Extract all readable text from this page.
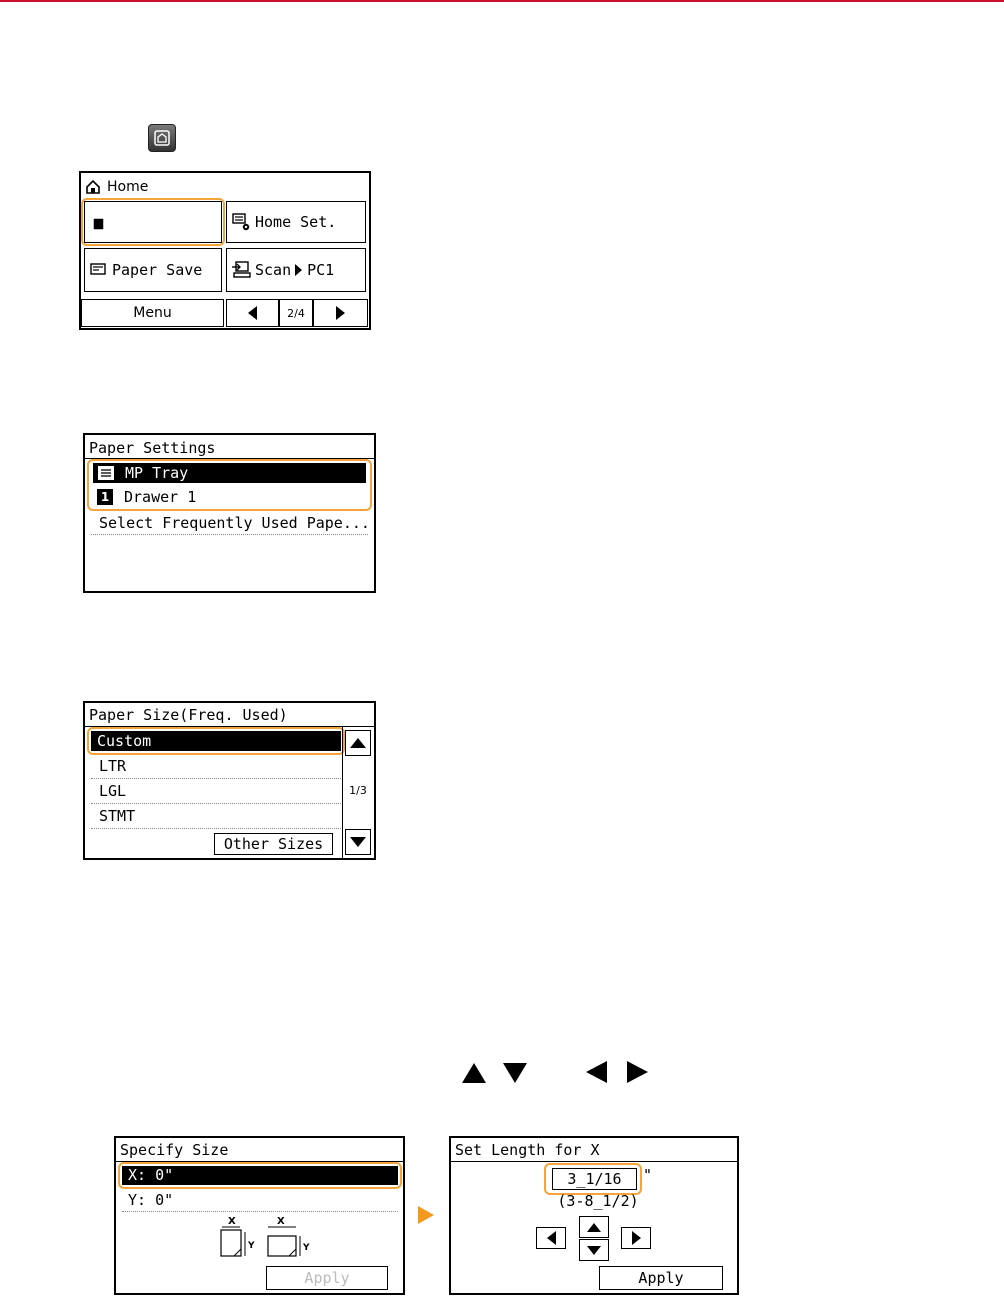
Home
Paper Set.	Home Set.
Paper Save	Scan PC1
Menu	2/4
Paper Settings
MP Tray
1 Drawer 1
Select Frequently Used Pape...
Paper Size(Freq. Used)
Custom
LTR
LGL
STMT
Other Sizes
1/3
Specify Size
X: 0"
Y: 0"
X
Y
X
Y
Apply
Set Length for X
3_1/16	"
(3-8_1/2)
Apply
